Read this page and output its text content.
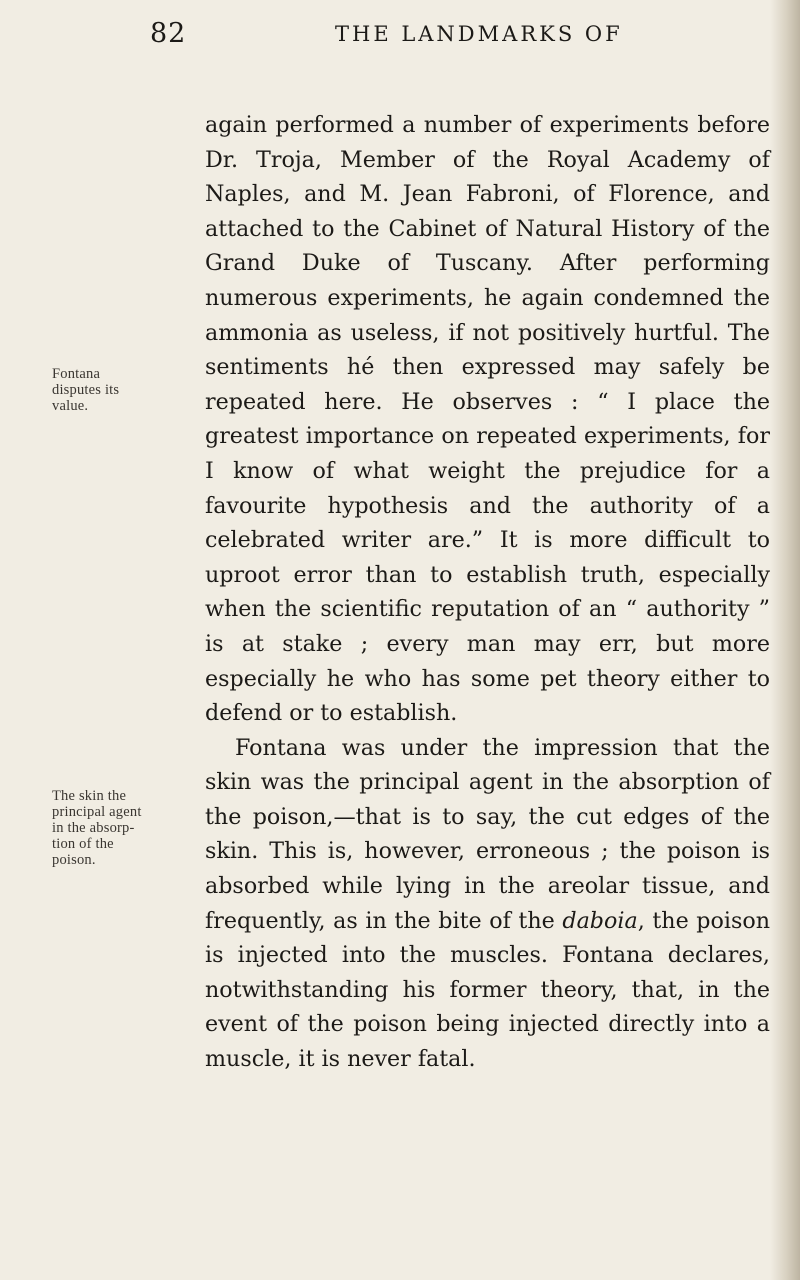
82	THE LANDMARKS OF
Fontana
disputes its
value.
The skin the
principal agent
in the absorp-
tion of the
poison.

again performed a number of experiments before Dr. Troja, Member of the Royal Academy of Naples, and M. Jean Fabroni, of Florence, and attached to the Cabinet of Natural History of the Grand Duke of Tuscany. After performing numerous experiments, he again condemned the ammonia as useless, if not positively hurtful. The sentiments hé then expressed may safely be repeated here. He observes : “ I place the greatest importance on repeated experiments, for I know of what weight the prejudice for a favourite hypothesis and the authority of a celebrated writer are.” It is more difficult to uproot error than to establish truth, especially when the scientific reputation of an “ authority ” is at stake ; every man may err, but more especially he who has some pet theory either to defend or to establish.

Fontana was under the impression that the skin was the principal agent in the absorption of the poison,—that is to say, the cut edges of the skin. This is, however, erroneous ; the poison is absorbed while lying in the areolar tissue, and frequently, as in the bite of the daboia, the poison is injected into the muscles. Fontana declares, notwithstanding his former theory, that, in the event of the poison being injected directly into a muscle, it is never fatal.
